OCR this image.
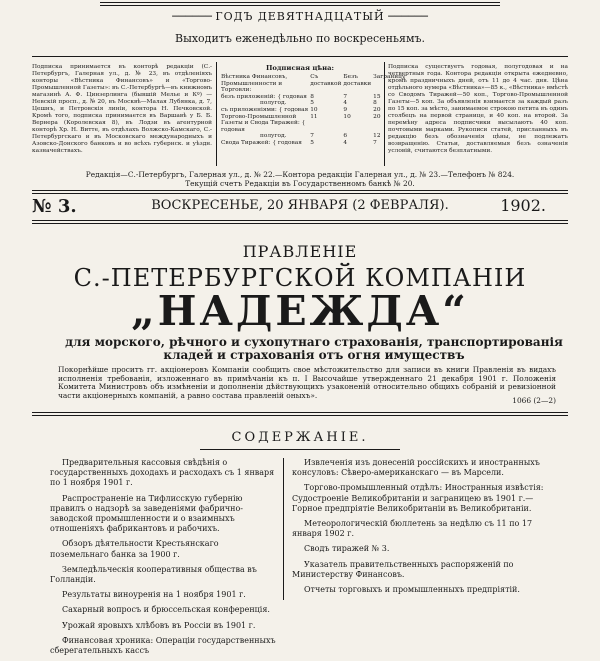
────── ГОДЪ ДЕВЯТНАДЦАТЫЙ ──────
Выходитъ еженедѣльно по воскресеньямъ.
Подписка принимается въ конторѣ редакціи (С.-Петербургъ, Галерная ул., д. № 23, въ отдѣленіяхъ конторы «Вѣстника Финансовъ» и «Торгово-Промышленной Газеты»: въ С.-Петербургѣ—въ книжномъ магазинѣ А. Ф. Цинзерлинга (бывшій Мелье и Кº) — Невскій просп., д. № 20, въ Москвѣ—Малая Лубянка, д. 7, Цешнъ, и Петровскія линіи, контора Н. Печковской. Кромѣ того, подписка принимается въ Варшавѣ у Б. Б. Вернера (Королевская 8), въ Лодзи въ агентурной конторѣ Хр. Н. Витте, въ отдѣлахъ Волжско-Камскаго, С.-Петербургскаго и въ Московскаго международныхъ и Азовско-Донского банковъ и во всѣхъ губернск. и уѣздн. казначействахъ.
Подписная цѣна:
Вѣстника Финансовъ, Промышленности и Торговли:	Съ доставкой	Безъ доставки	Заграницу
безъ приложеній: { годовая	8	7	15
полугод.	5	4	8
съ приложеніями: { годовая	10	9	20
Торгово-Промышленной Газеты и Свода Тиражей: { годовая	11	10	20
полугод.	7	6	12
Свода Тиражей: { годовая	5	4	7
Подписка существуетъ годовая, полугодовая и на четвертныя года. Контора редакціи открыта ежедневно, кромѣ праздничныхъ дней, отъ 11 до 4 час. дня. Цѣна отдѣльного нумера «Вѣстника»—85 к., «Вѣстника» вмѣстѣ со Сводомъ Тиражей—50 коп., Торгово-Промышленной Газеты—5 коп. За объявленія взимается за каждый разъ по 15 коп. за мѣсто, занимаемое строкою петита въ одинъ столбецъ на первой странице, и 40 коп. на второй. За перемѣну адреса подписчики высылаютъ 40 коп. почтовыми марками. Рукописи статей, присланныхъ въ редакцію безъ обозначенія цѣны, не подлежатъ возвращенію. Статьи, доставляемыя безъ означенія условій, считаются безплатными.
Редакція—С.-Петербургъ, Галерная ул., д. № 22.—Контора редакціи Галерная ул., д. № 23.—Телефонъ № 824.
Текущій счетъ Редакціи въ Государственномъ банкѣ № 20.
№ 3.	ВОСКРЕСЕНЬЕ, 20 ЯНВАРЯ (2 ФЕВРАЛЯ).	1902.
ПРАВЛЕНІЕ
С.-ПЕТЕРБУРГСКОЙ КОМПАНІИ
„НАДЕЖДА“
для морского, рѣчного и сухопутнаго страхованія, транспортированія кладей и страхованія отъ огня имуществъ
Покорнѣйше проситъ гг. акціонеровъ Компаніи сообщить свое мѣстожительство для записи въ книги Правленія въ видахъ исполненія требованія, изложеннаго въ примѣчаніи къ п. I Высочайше утвержденнаго 21 декабря 1901 г. Положенія Комитета Министровъ объ измѣненіи и дополненіи дѣйствующихъ узаконеній относительно общихъ собраній и ревизіонной части акціонерныхъ компаній, а равно состава правленій оныхъ».
1066 (2—2)
СОДЕРЖАНІЕ.

Предварительныя кассовыя свѣдѣнія о государственныхъ доходахъ и расходахъ съ 1 января по 1 ноября 1901 г.

Распространеніе на Тифлисскую губернію правилъ о надзорѣ за заведеніями фабрично-заводской промышленности и о взаимныхъ отношеніяхъ фабрикантовъ и рабочихъ.

Обзоръ дѣятельности Крестьянскаго поземельнаго банка за 1900 г.

Земледѣльческія кооперативныя общества въ Голландіи.

Результаты виноуренія на 1 ноября 1901 г.

Сахарный вопросъ и брюссельская конференція.

Урожай яровыхъ хлѣбовъ въ Россіи въ 1901 г.

Финансовая хроника: Операціи государственныхъ сберегательныхъ кассъ

Извлеченія изъ донесеній россійскихъ и иностранныхъ консуловъ: Сѣверо-американскаго — въ Марсели.

Торгово-промышленный отдѣлъ: Иностранныя извѣстія: Судостроеніе Великобританіи и заграницею въ 1901 г.—Горное предпріятіе Великобританіи въ Великобританіи.

Метеорологическій бюллетень за недѣлю съ 11 по 17 января 1902 г.

Сводъ тиражей № 3.

Указатель правительственныхъ распоряженій по Министерству Финансовъ.

Отчеты торговыхъ и промышленныхъ предпріятій.
